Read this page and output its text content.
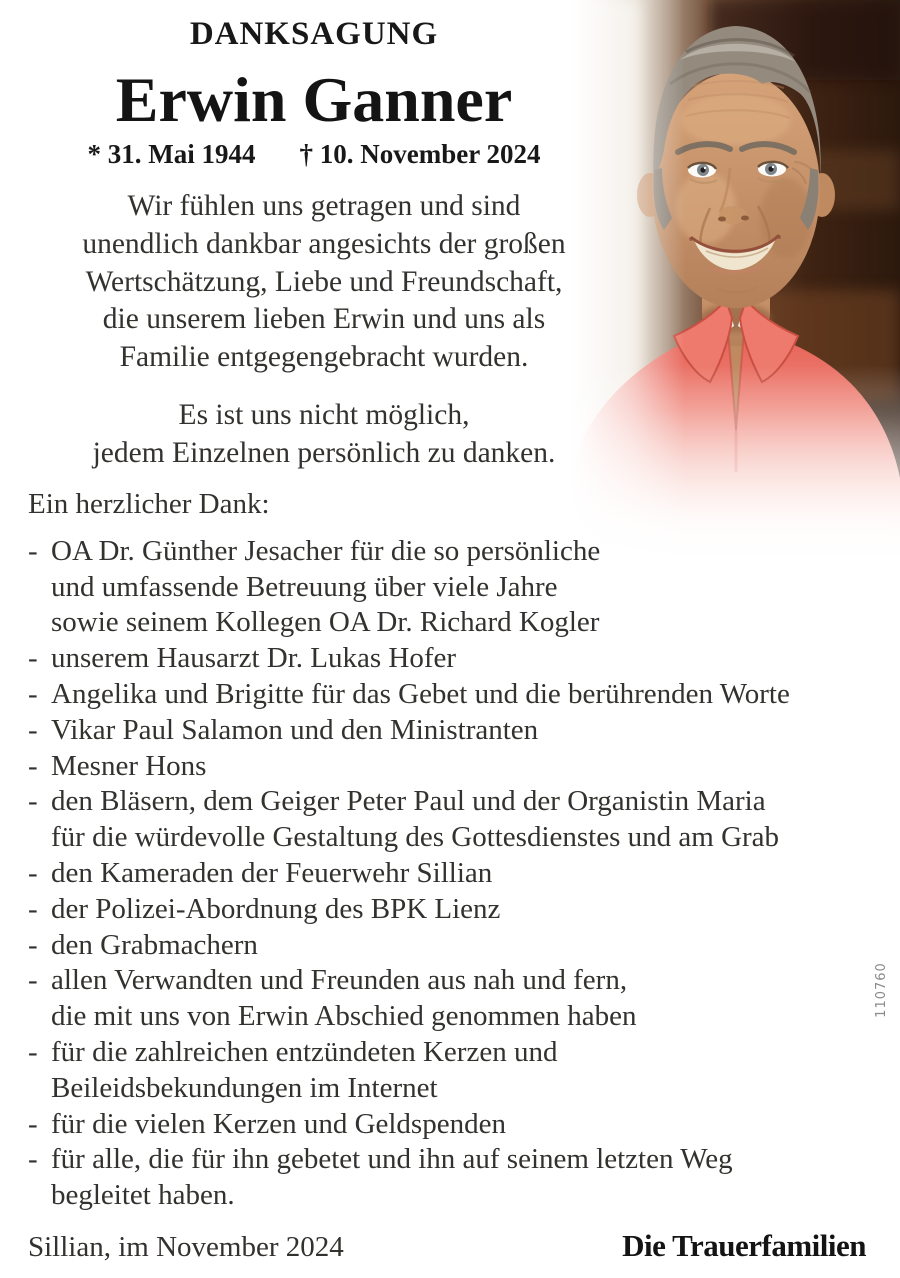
DANKSAGUNG
Erwin Ganner
* 31. Mai 1944 † 10. November 2024
Wir fühlen uns getragen und sind
unendlich dankbar angesichts der großen
Wertschätzung, Liebe und Freundschaft,
die unserem lieben Erwin und uns als
Familie entgegengebracht wurden.
Es ist uns nicht möglich,
jedem Einzelnen persönlich zu danken.
Ein herzlicher Dank:
- OA Dr. Günther Jesacher für die so persönliche
und umfassende Betreuung über viele Jahre
sowie seinem Kollegen OA Dr. Richard Kogler
- unserem Hausarzt Dr. Lukas Hofer
- Angelika und Brigitte für das Gebet und die berührenden Worte
- Vikar Paul Salamon und den Ministranten
- Mesner Hons
- den Bläsern, dem Geiger Peter Paul und der Organistin Maria
für die würdevolle Gestaltung des Gottesdienstes und am Grab
- den Kameraden der Feuerwehr Sillian
- der Polizei-Abordnung des BPK Lienz
- den Grabmachern
- allen Verwandten und Freunden aus nah und fern,
die mit uns von Erwin Abschied genommen haben
- für die zahlreichen entzündeten Kerzen und
Beileidsbekundungen im Internet
- für die vielen Kerzen und Geldspenden
- für alle, die für ihn gebetet und ihn auf seinem letzten Weg
begleitet haben.
Sillian, im November 2024	Die Trauerfamilien
110760
